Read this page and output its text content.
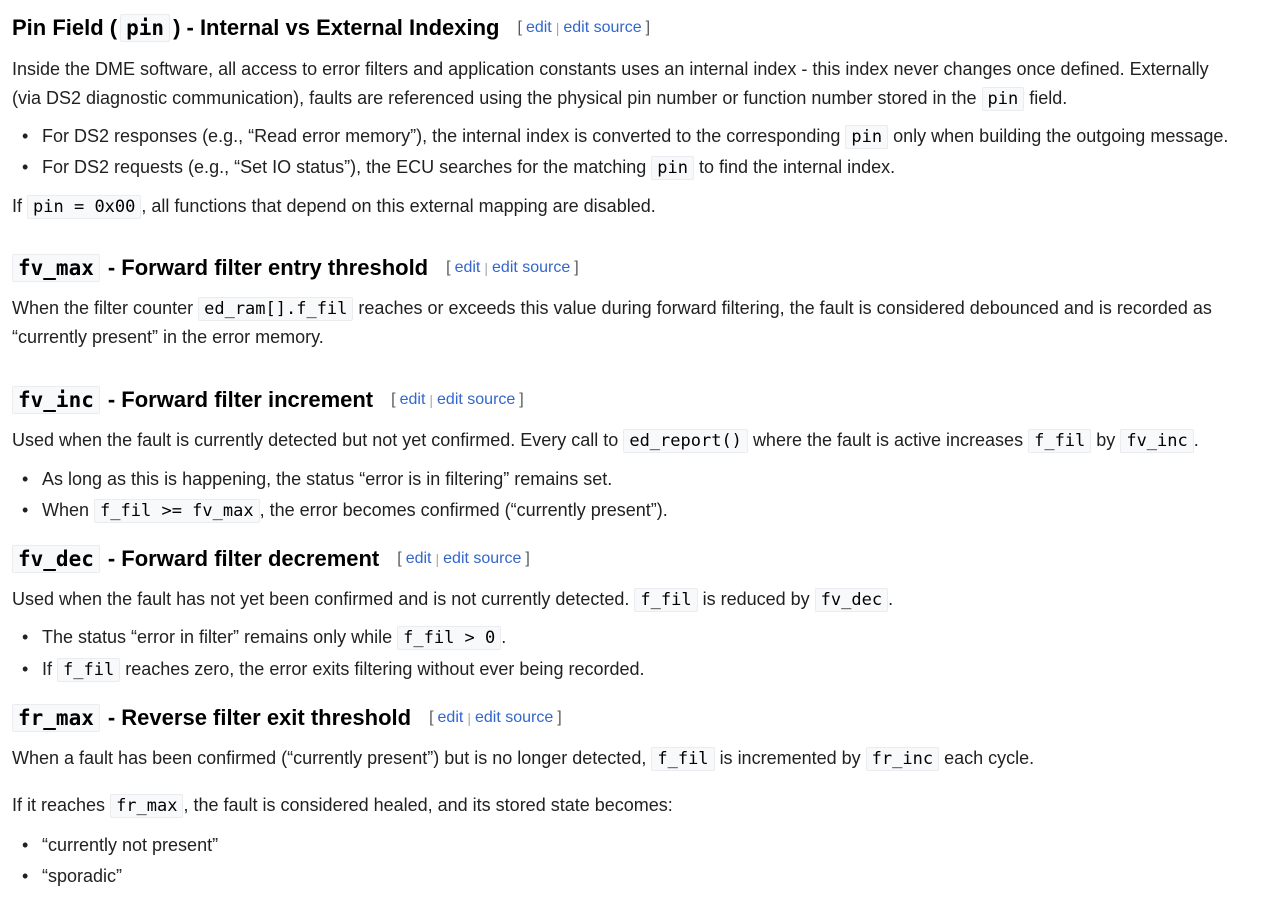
Pin Field ( pin ) - Internal vs External Indexing [ edit | edit source ]
Inside the DME software, all access to error filters and application constants uses an internal index - this index never changes once defined. Externally
(via DS2 diagnostic communication), faults are referenced using the physical pin number or function number stored in the pin field.
• For DS2 responses (e.g., “Read error memory”), the internal index is converted to the corresponding pin only when building the outgoing message.
• For DS2 requests (e.g., “Set IO status”), the ECU searches for the matching pin to find the internal index.
If pin = 0x00 , all functions that depend on this external mapping are disabled.
fv_max - Forward filter entry threshold [ edit | edit source ]
When the filter counter ed_ram[].f_fil reaches or exceeds this value during forward filtering, the fault is considered debounced and is recorded as
“currently present” in the error memory.
fv_inc - Forward filter increment [ edit | edit source ]
Used when the fault is currently detected but not yet confirmed. Every call to ed_report() where the fault is active increases f_fil by fv_inc .
• As long as this is happening, the status “error is in filtering” remains set.
• When f_fil >= fv_max , the error becomes confirmed (“currently present”).
fv_dec - Forward filter decrement [ edit | edit source ]
Used when the fault has not yet been confirmed and is not currently detected. f_fil is reduced by fv_dec .
• The status “error in filter” remains only while f_fil > 0 .
• If f_fil reaches zero, the error exits filtering without ever being recorded.
fr_max - Reverse filter exit threshold [ edit | edit source ]
When a fault has been confirmed (“currently present”) but is no longer detected, f_fil is incremented by fr_inc each cycle.
If it reaches fr_max , the fault is considered healed, and its stored state becomes:
• “currently not present”
• “sporadic”
